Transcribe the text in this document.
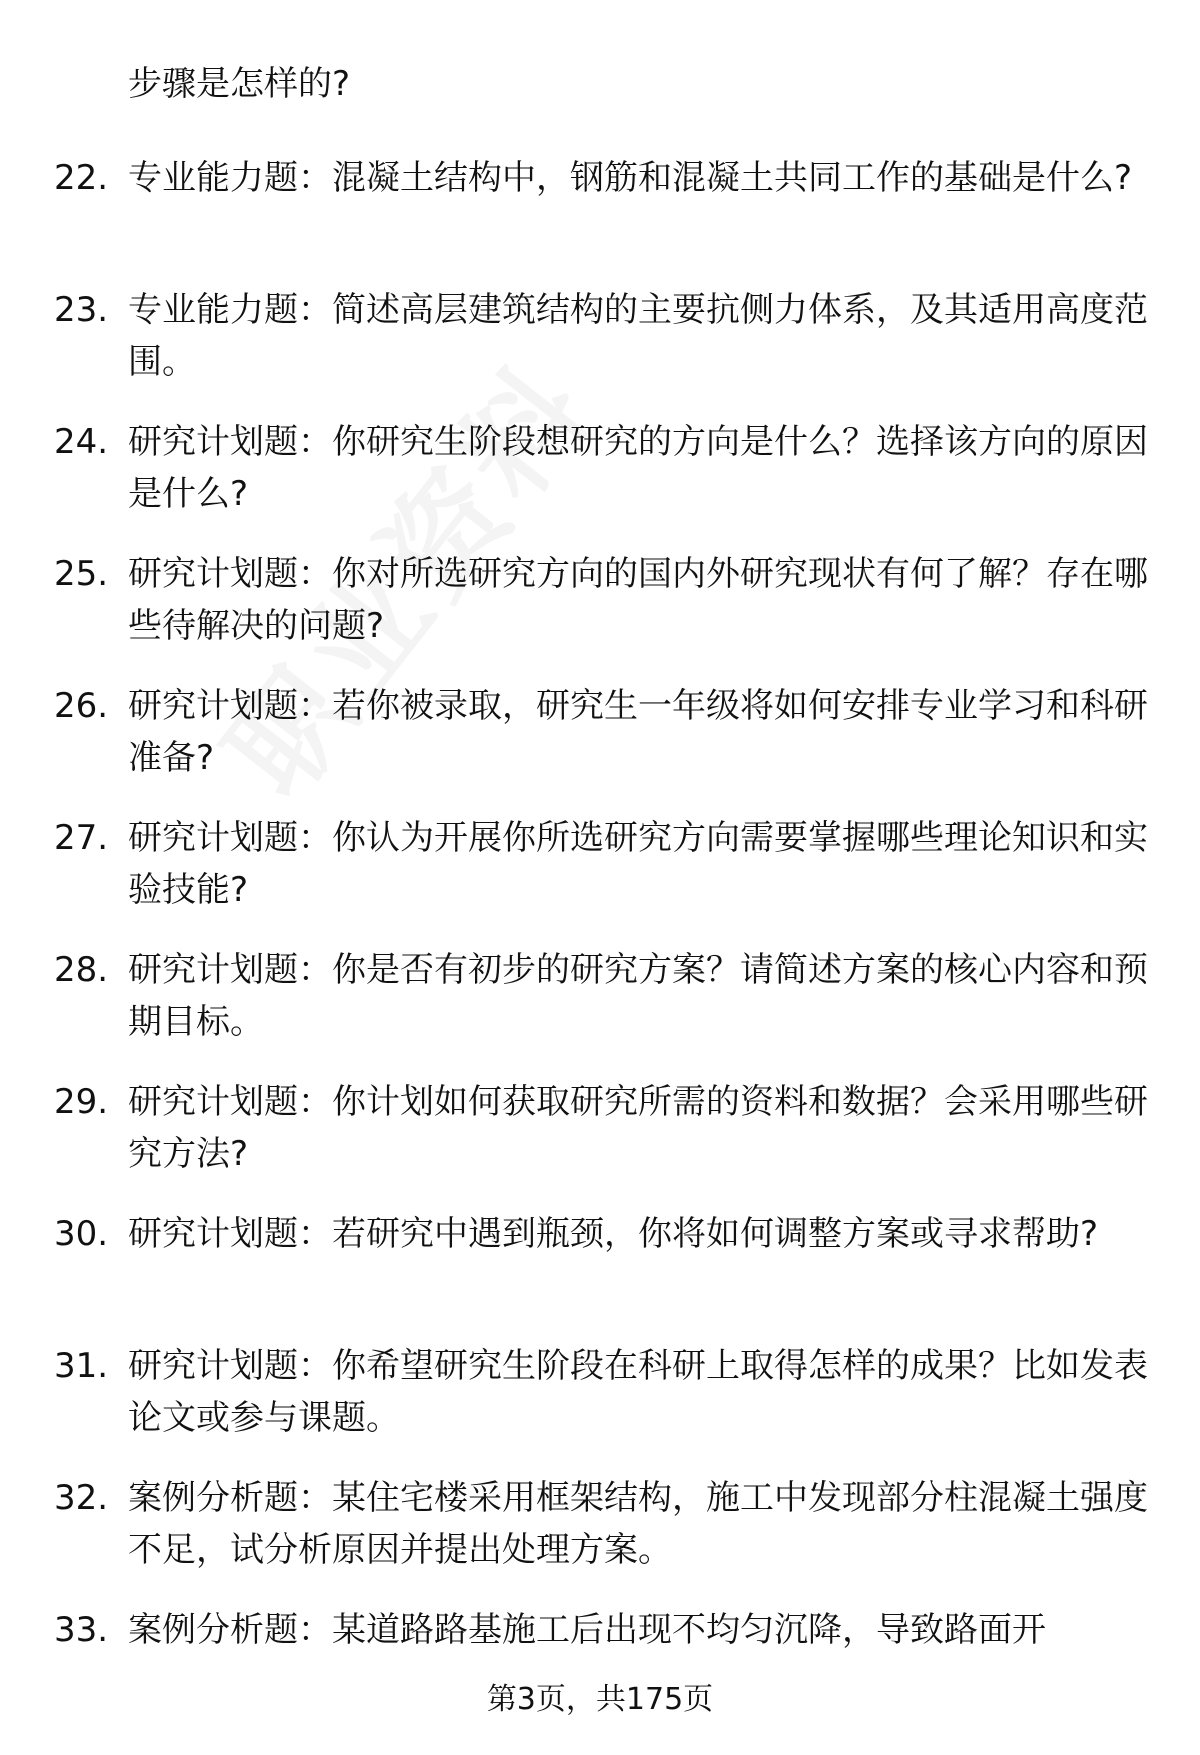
步骤是怎样的?
22. 专业能力题：混凝土结构中，钢筋和混凝土共同工作的基础是什么?
23. 专业能力题：简述高层建筑结构的主要抗侧力体系，及其适用高度范围。
24. 研究计划题：你研究生阶段想研究的方向是什么？选择该方向的原因是什么?
25. 研究计划题：你对所选研究方向的国内外研究现状有何了解？存在哪些待解决的问题?
26. 研究计划题：若你被录取，研究生一年级将如何安排专业学习和科研准备?
27. 研究计划题：你认为开展你所选研究方向需要掌握哪些理论知识和实验技能?
28. 研究计划题：你是否有初步的研究方案？请简述方案的核心内容和预期目标。
29. 研究计划题：你计划如何获取研究所需的资料和数据？会采用哪些研究方法?
30. 研究计划题：若研究中遇到瓶颈，你将如何调整方案或寻求帮助?
31. 研究计划题：你希望研究生阶段在科研上取得怎样的成果？比如发表论文或参与课题。
32. 案例分析题：某住宅楼采用框架结构，施工中发现部分柱混凝土强度不足，试分析原因并提出处理方案。
33. 案例分析题：某道路路基施工后出现不均匀沉降，导致路面开
第3页，共175页
